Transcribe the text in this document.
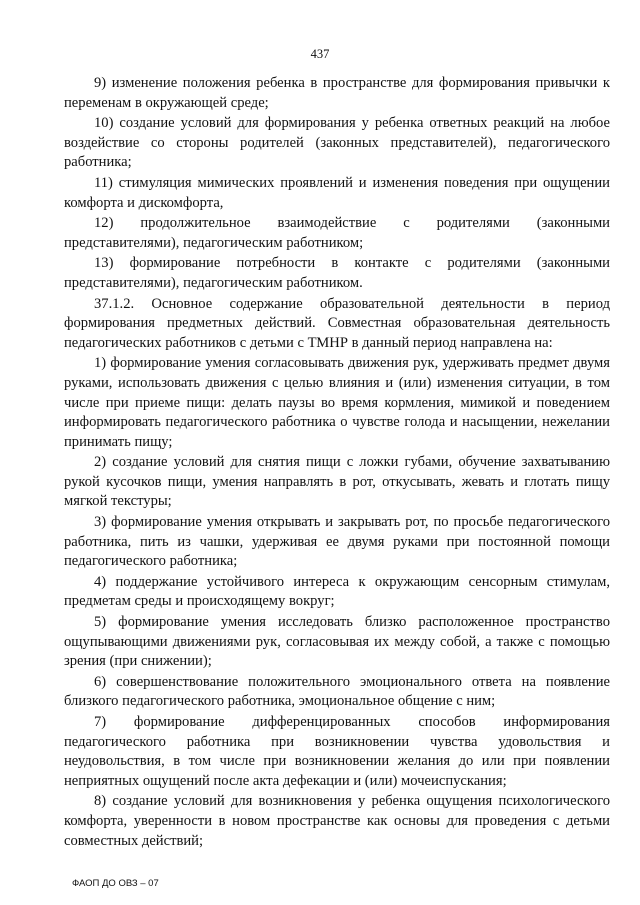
437

9) изменение положения ребенка в пространстве для формирования привычки к переменам в окружающей среде;

10) создание условий для формирования у ребенка ответных реакций на любое воздействие со стороны родителей (законных представителей), педагогического работника;

11) стимуляция мимических проявлений и изменения поведения при ощущении комфорта и дискомфорта,

12) продолжительное взаимодействие с родителями (законными представителями), педагогическим работником;

13) формирование потребности в контакте с родителями (законными представителями), педагогическим работником.

37.1.2. Основное содержание образовательной деятельности в период формирования предметных действий. Совместная образовательная деятельность педагогических работников с детьми с ТМНР в данный период направлена на:

1) формирование умения согласовывать движения рук, удерживать предмет двумя руками, использовать движения с целью влияния и (или) изменения ситуации, в том числе при приеме пищи: делать паузы во время кормления, мимикой и поведением информировать педагогического работника о чувстве голода и насыщении, нежелании принимать пищу;

2) создание условий для снятия пищи с ложки губами, обучение захватыванию рукой кусочков пищи, умения направлять в рот, откусывать, жевать и глотать пищу мягкой текстуры;

3) формирование умения открывать и закрывать рот, по просьбе педагогического работника, пить из чашки, удерживая ее двумя руками при постоянной помощи педагогического работника;

4) поддержание устойчивого интереса к окружающим сенсорным стимулам, предметам среды и происходящему вокруг;

5) формирование умения исследовать близко расположенное пространство ощупывающими движениями рук, согласовывая их между собой, а также с помощью зрения (при снижении);

6) совершенствование положительного эмоционального ответа на появление близкого педагогического работника, эмоциональное общение с ним;

7) формирование дифференцированных способов информирования педагогического работника при возникновении чувства удовольствия и неудовольствия, в том числе при возникновении желания до или при появлении неприятных ощущений после акта дефекации и (или) мочеиспускания;

8) создание условий для возникновения у ребенка ощущения психологического комфорта, уверенности в новом пространстве как основы для проведения с детьми совместных действий;

ФАОП ДО ОВЗ – 07
